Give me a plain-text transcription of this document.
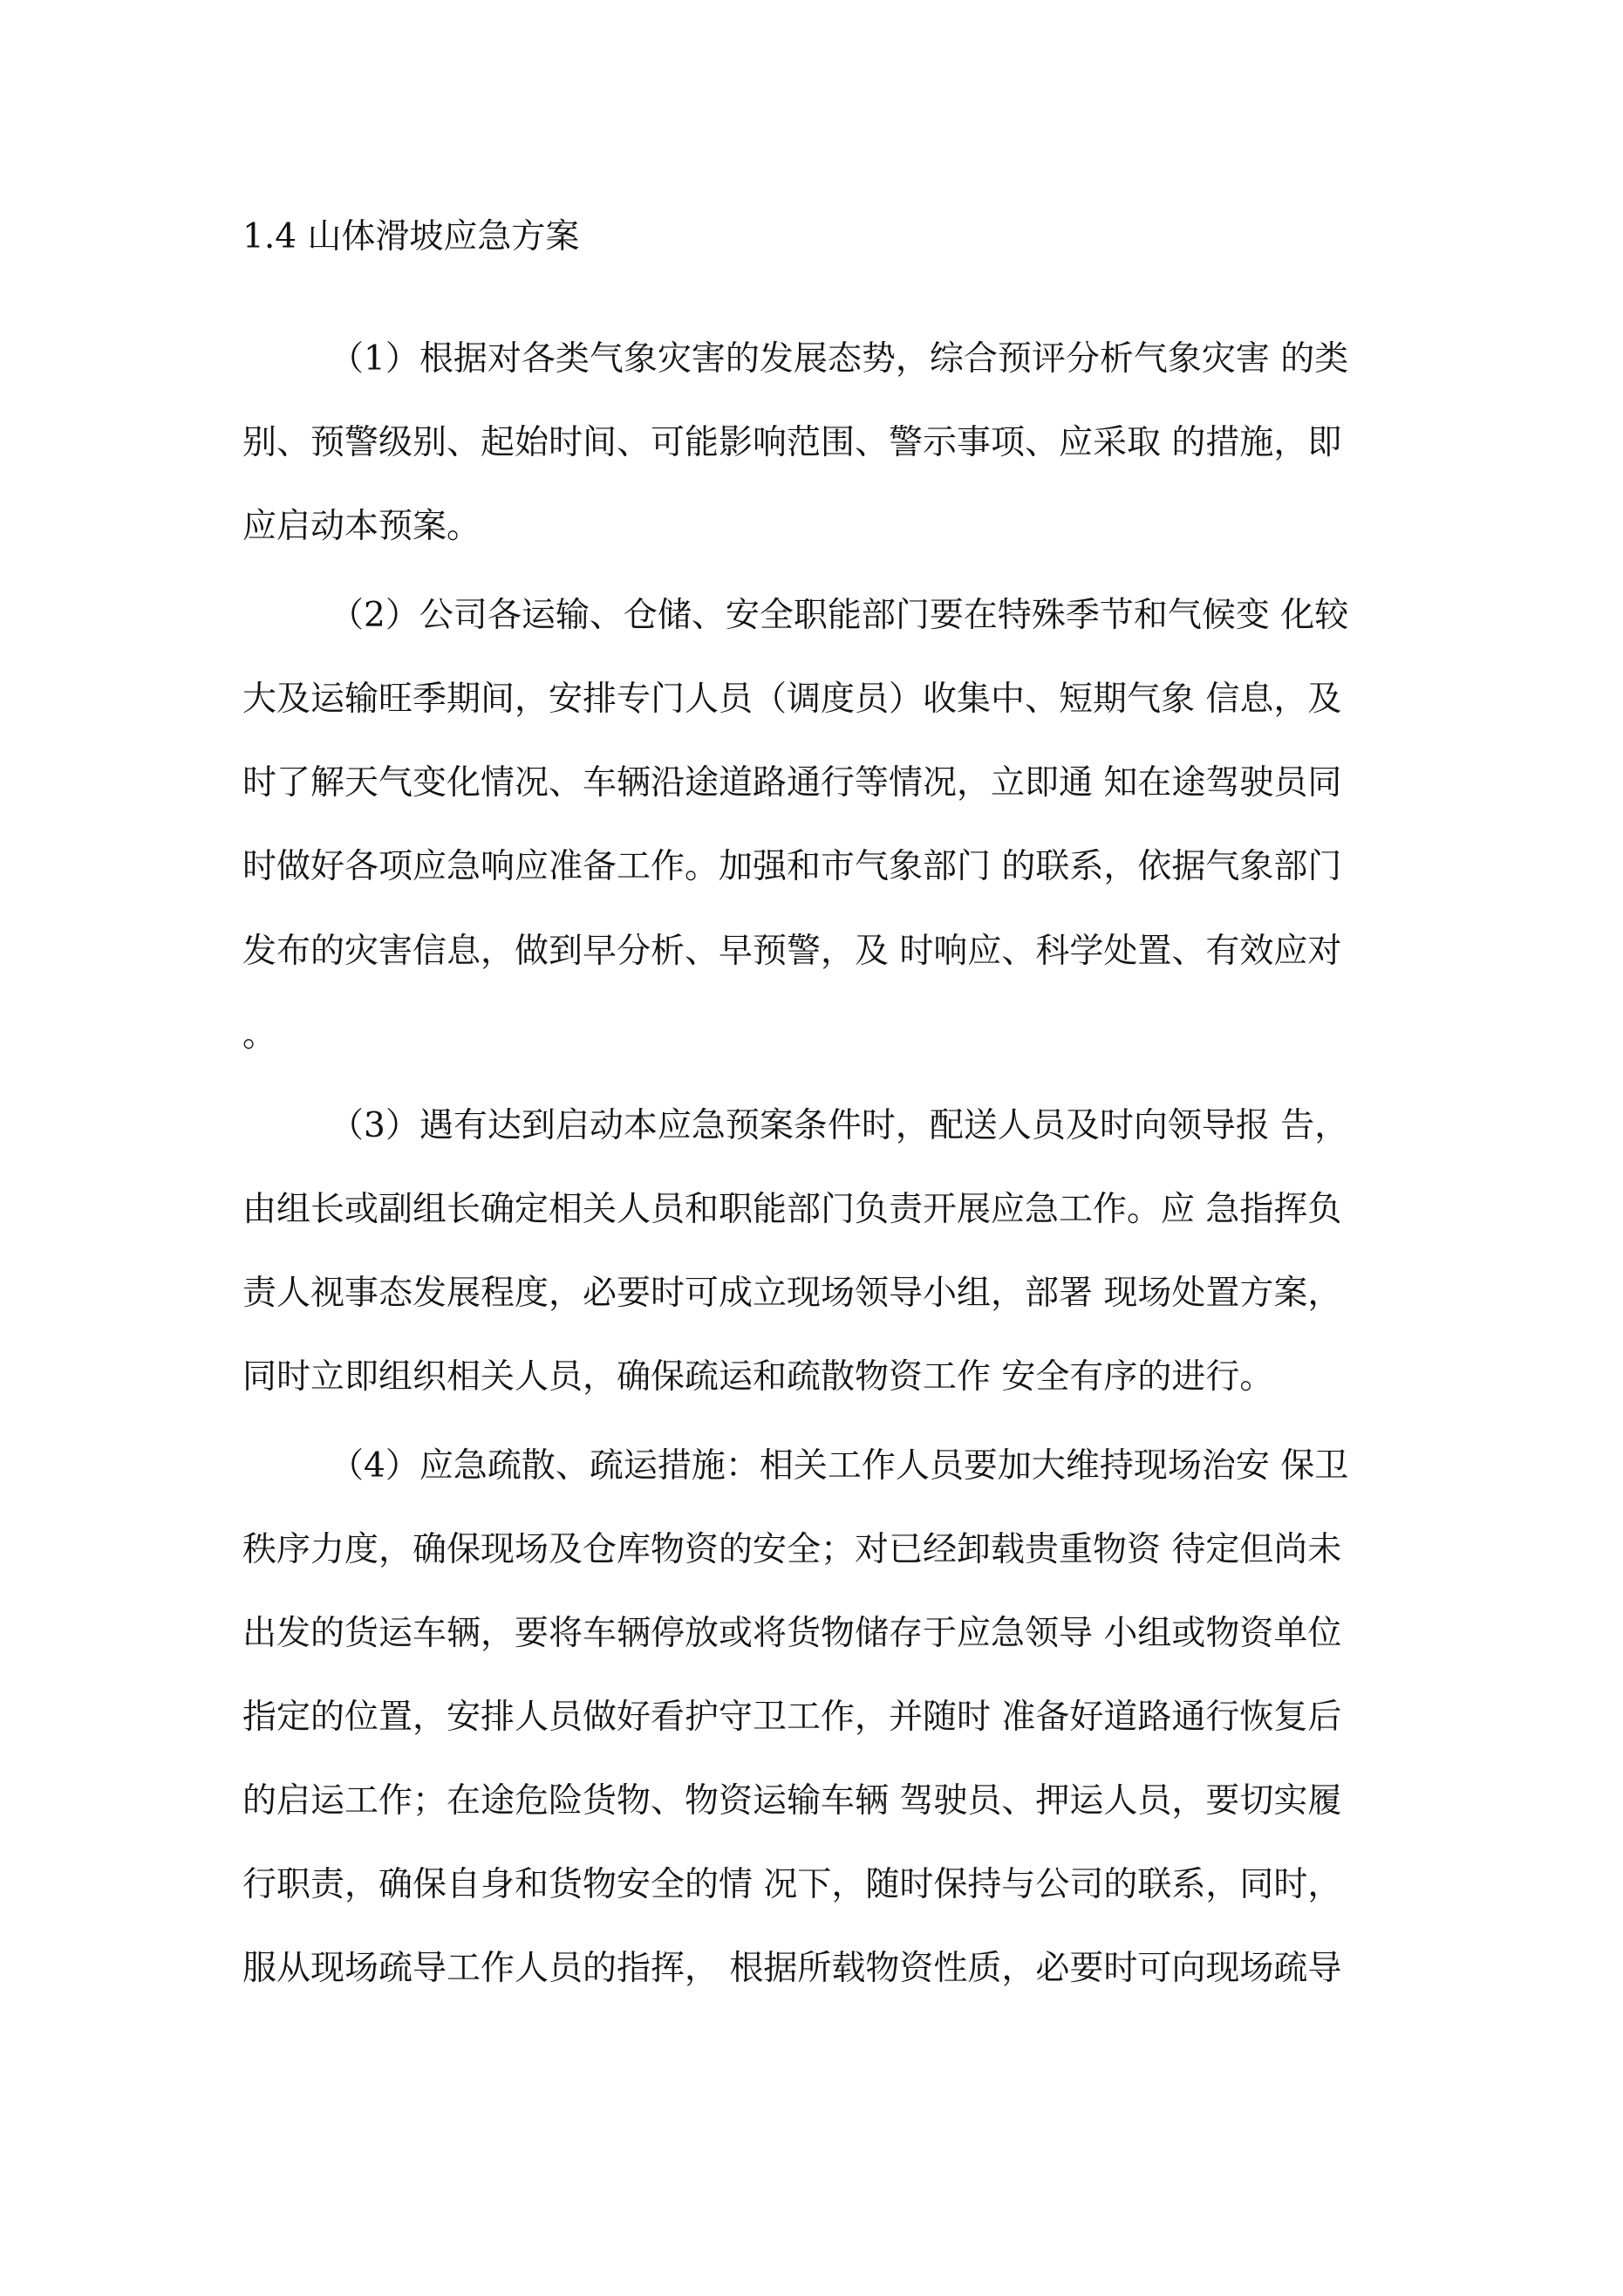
1.4 山体滑坡应急方案

（1）根据对各类气象灾害的发展态势，综合预评分析气象灾害 的类

别、预警级别、起始时间、可能影响范围、警示事项、应采取 的措施，即

应启动本预案。

（2）公司各运输、仓储、安全职能部门要在特殊季节和气候变 化较

大及运输旺季期间，安排专门人员（调度员）收集中、短期气象 信息，及

时了解天气变化情况、车辆沿途道路通行等情况，立即通 知在途驾驶员同

时做好各项应急响应准备工作。加强和市气象部门 的联系，依据气象部门

发布的灾害信息，做到早分析、早预警，及 时响应、科学处置、有效应对

。

（3）遇有达到启动本应急预案条件时，配送人员及时向领导报 告，

由组长或副组长确定相关人员和职能部门负责开展应急工作。应 急指挥负

责人视事态发展程度，必要时可成立现场领导小组，部署 现场处置方案，

同时立即组织相关人员，确保疏运和疏散物资工作 安全有序的进行。

（4）应急疏散、疏运措施：相关工作人员要加大维持现场治安 保卫

秩序力度，确保现场及仓库物资的安全；对已经卸载贵重物资 待定但尚未

出发的货运车辆，要将车辆停放或将货物储存于应急领导 小组或物资单位

指定的位置，安排人员做好看护守卫工作，并随时 准备好道路通行恢复后

的启运工作；在途危险货物、物资运输车辆 驾驶员、押运人员，要切实履

行职责，确保自身和货物安全的情 况下，随时保持与公司的联系，同时，

服从现场疏导工作人员的指挥， 根据所载物资性质，必要时可向现场疏导
